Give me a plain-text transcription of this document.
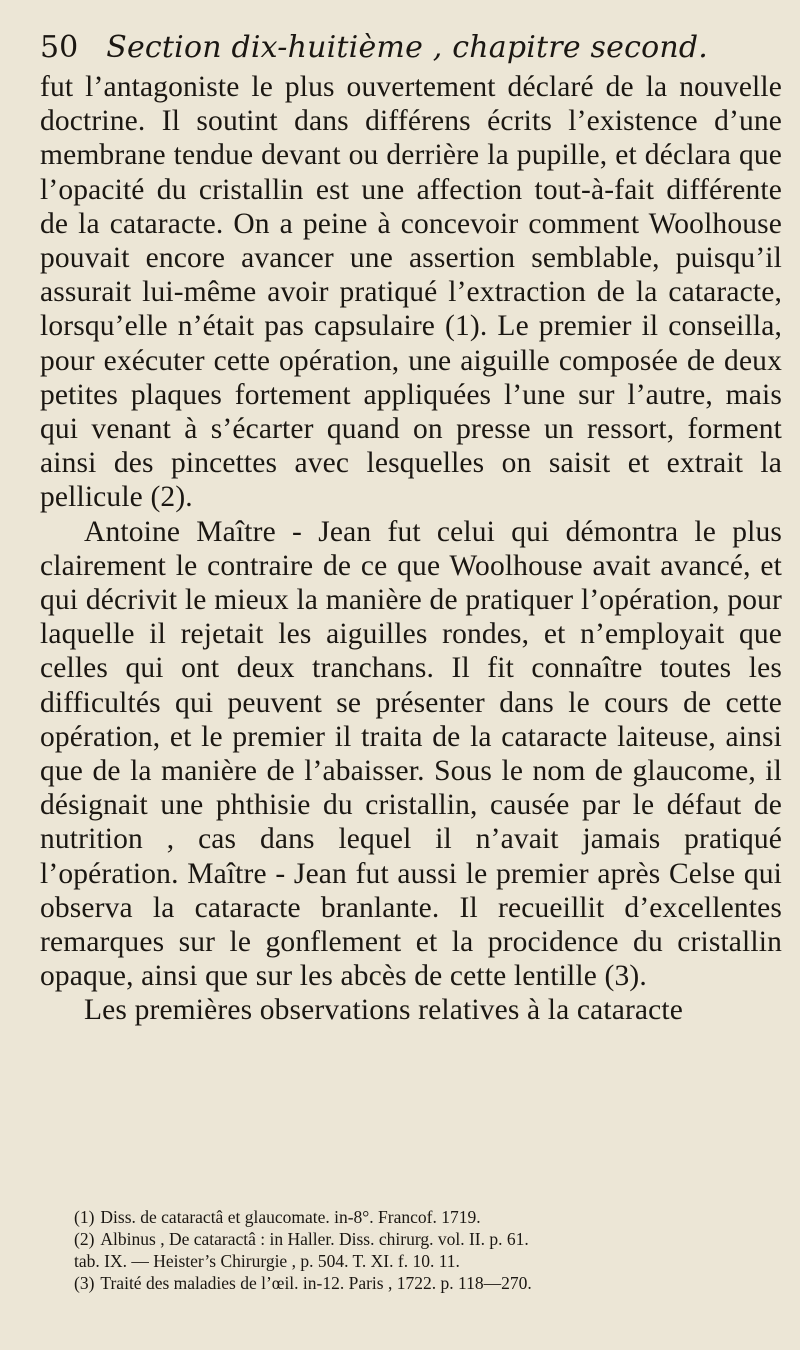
50 Section dix-huitième , chapitre second.

fut l’antagoniste le plus ouvertement déclaré de la nouvelle doctrine. Il soutint dans différens écrits l’existence d’une membrane tendue devant ou derrière la pupille, et déclara que l’opacité du cristallin est une affection tout-à-fait différente de la cataracte. On a peine à concevoir comment Woolhouse pouvait encore avancer une assertion semblable, puisqu’il assurait lui-même avoir pratiqué l’extraction de la cataracte, lorsqu’elle n’était pas capsulaire (1). Le premier il conseilla, pour exécuter cette opération, une aiguille composée de deux petites plaques fortement appliquées l’une sur l’autre, mais qui venant à s’écarter quand on presse un ressort, forment ainsi des pincettes avec lesquelles on saisit et extrait la pellicule (2).

Antoine Maître - Jean fut celui qui démontra le plus clairement le contraire de ce que Woolhouse avait avancé, et qui décrivit le mieux la manière de pratiquer l’opération, pour laquelle il rejetait les aiguilles rondes, et n’employait que celles qui ont deux tranchans. Il fit connaître toutes les difficultés qui peuvent se présenter dans le cours de cette opération, et le premier il traita de la cataracte laiteuse, ainsi que de la manière de l’abaisser. Sous le nom de glaucome, il désignait une phthisie du cristallin, causée par le défaut de nutrition , cas dans lequel il n’avait jamais pratiqué l’opération. Maître - Jean fut aussi le premier après Celse qui observa la cataracte branlante. Il recueillit d’excellentes remarques sur le gonflement et la procidence du cristallin opaque, ainsi que sur les abcès de cette lentille (3).

Les premières observations relatives à la cataracte

(1) Diss. de cataractâ et glaucomate. in-8°. Francof. 1719.

(2) Albinus , De cataractâ : in Haller. Diss. chirurg. vol. II. p. 61.

tab. IX. — Heister’s Chirurgie , p. 504. T. XI. f. 10. 11.

(3) Traité des maladies de l’œil. in-12. Paris , 1722. p. 118—270.
